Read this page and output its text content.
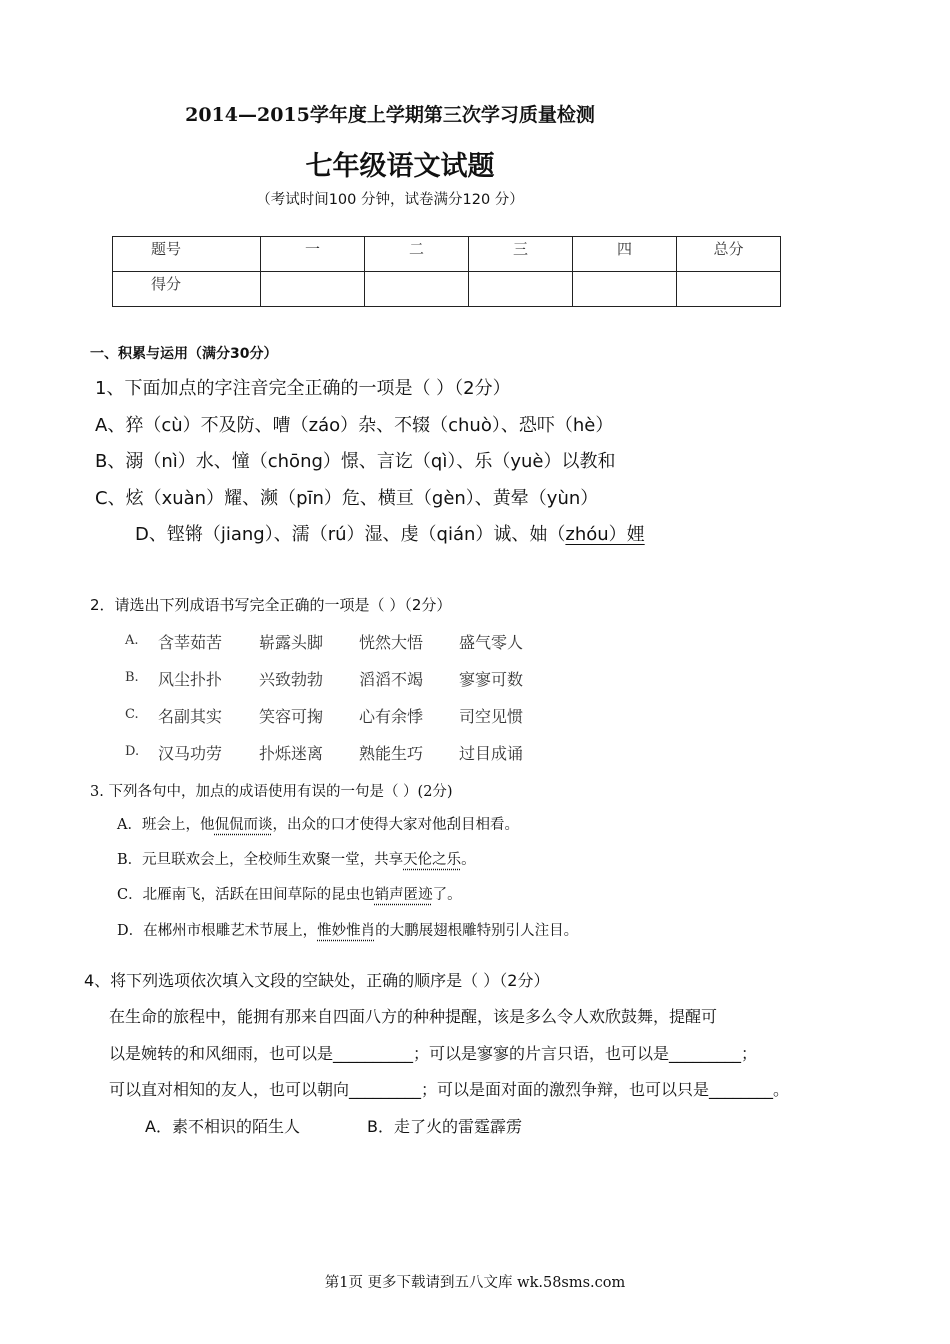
2014—2015学年度上学期第三次学习质量检测
七年级语文试题
（考试时间100 分钟，试卷满分120 分）
题号	一	二	三	四	总分
得分					
一、积累与运用（满分30分）
1、下面加点的字注音完全正确的一项是（ ）（2分）
A、猝（cù）不及防、嘈（záo）杂、不辍（chuò）、恐吓（hè）
B、溺（nì）水、憧（chōng）憬、言讫（qì）、乐（yuè）以教和
C、炫（xuàn）耀、濒（pīn）危、横亘（gèn）、黄晕（yùn）
D、铿锵（jiang）、濡（rú）湿、虔（qián）诚、妯（zhóu）娌
2．请选出下列成语书写完全正确的一项是（ ）（2分）
A. 含莘茹苦 崭露头脚 恍然大悟 盛气零人
B. 风尘扑扑 兴致勃勃 滔滔不竭 寥寥可数
C. 名副其实 笑容可掬 心有余悸 司空见惯
D. 汉马功劳 扑烁迷离 熟能生巧 过目成诵
3. 下列各句中，加点的成语使用有误的一句是（ ）(2分)
A．班会上，他侃侃而谈，出众的口才使得大家对他刮目相看。
B．元旦联欢会上，全校师生欢聚一堂，共享天伦之乐。
C．北雁南飞，活跃在田间草际的昆虫也销声匿迹了。
D．在郴州市根雕艺术节展上，惟妙惟肖的大鹏展翅根雕特别引人注目。
4、将下列选项依次填入文段的空缺处，正确的顺序是（ ）（2分）
在生命的旅程中，能拥有那来自四面八方的种种提醒，该是多么令人欢欣鼓舞，提醒可
以是婉转的和风细雨，也可以是__________；可以是寥寥的片言只语，也可以是_________；
可以直对相知的友人，也可以朝向_________；可以是面对面的激烈争辩，也可以只是________。
A．素不相识的陌生人	B．走了火的雷霆霹雳
第1页 更多下载请到五八文库 wk.58sms.com
